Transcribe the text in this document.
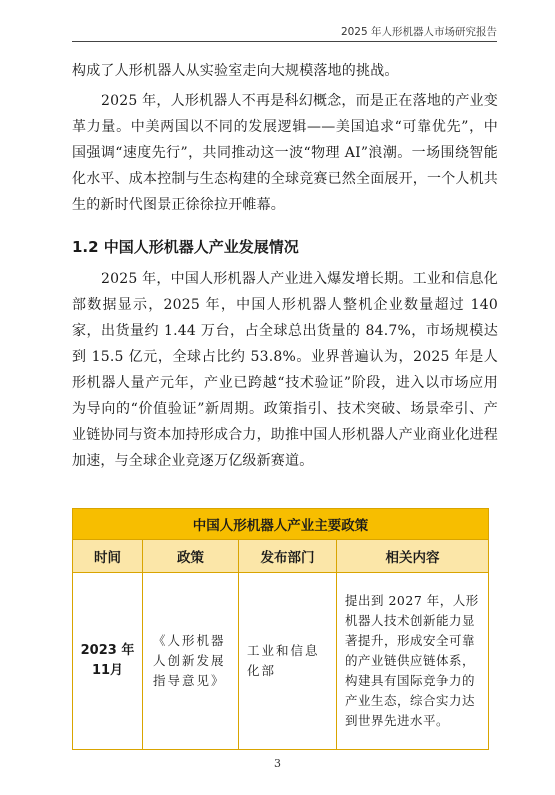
2025 年人形机器人市场研究报告
构成了人形机器人从实验室走向大规模落地的挑战。
2025 年，人形机器人不再是科幻概念，而是正在落地的产业变革力量。中美两国以不同的发展逻辑——美国追求“可靠优先”，中国强调“速度先行”，共同推动这一波“物理 AI”浪潮。一场围绕智能化水平、成本控制与生态构建的全球竞赛已然全面展开，一个人机共生的新时代图景正徐徐拉开帷幕。
1.2 中国人形机器人产业发展情况
2025 年，中国人形机器人产业进入爆发增长期。工业和信息化部数据显示，2025 年，中国人形机器人整机企业数量超过 140 家，出货量约 1.44 万台，占全球总出货量的 84.7%，市场规模达到 15.5 亿元，全球占比约 53.8%。业界普遍认为，2025 年是人形机器人量产元年，产业已跨越“技术验证”阶段，进入以市场应用为导向的“价值验证”新周期。政策指引、技术突破、场景牵引、产业链协同与资本加持形成合力，助推中国人形机器人产业商业化进程加速，与全球企业竞逐万亿级新赛道。
中国人形机器人产业主要政策			
时间	政策	发布部门	相关内容
2023 年 11月	《人形机器人创新发展指导意见》	工业和信息化部	提出到 2027 年，人形机器人技术创新能力显著提升，形成安全可靠的产业链供应链体系，构建具有国际竞争力的产业生态，综合实力达到世界先进水平。
3
